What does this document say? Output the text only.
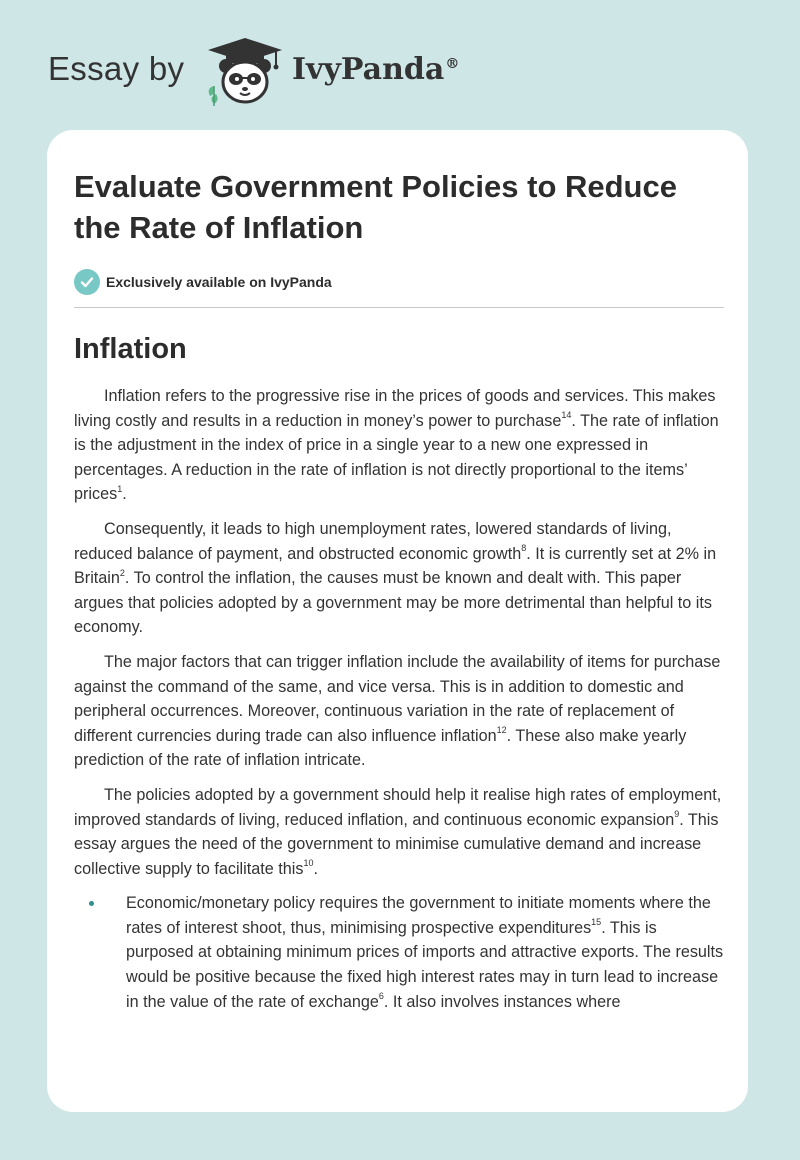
Essay by	IvyPanda®
Evaluate Government Policies to Reduce the Rate of Inflation
Exclusively available on IvyPanda
Inflation

Inflation refers to the progressive rise in the prices of goods and services. This makes living costly and results in a reduction in money’s power to purchase$^{14}$. The rate of inflation is the adjustment in the index of price in a single year to a new one expressed in percentages. A reduction in the rate of inflation is not directly proportional to the items’ prices$^1$.

Consequently, it leads to high unemployment rates, lowered standards of living, reduced balance of payment, and obstructed economic growth$^8$. It is currently set at 2% in Britain$^2$. To control the inflation, the causes must be known and dealt with. This paper argues that policies adopted by a government may be more detrimental than helpful to its economy.

The major factors that can trigger inflation include the availability of items for purchase against the command of the same, and vice versa. This is in addition to domestic and peripheral occurrences. Moreover, continuous variation in the rate of replacement of different currencies during trade can also influence inflation$^{12}$. These also make yearly prediction of the rate of inflation intricate.

The policies adopted by a government should help it realise high rates of employment, improved standards of living, reduced inflation, and continuous economic expansion$^9$. This essay argues the need of the government to minimise cumulative demand and increase collective supply to facilitate this$^{10}$.

Economic/monetary policy requires the government to initiate moments where the rates of interest shoot, thus, minimising prospective expenditures$^{15}$. This is purposed at obtaining minimum prices of imports and attractive exports. The results would be positive because the fixed high interest rates may in turn lead to increase in the value of the rate of exchange$^6$. It also involves instances where
